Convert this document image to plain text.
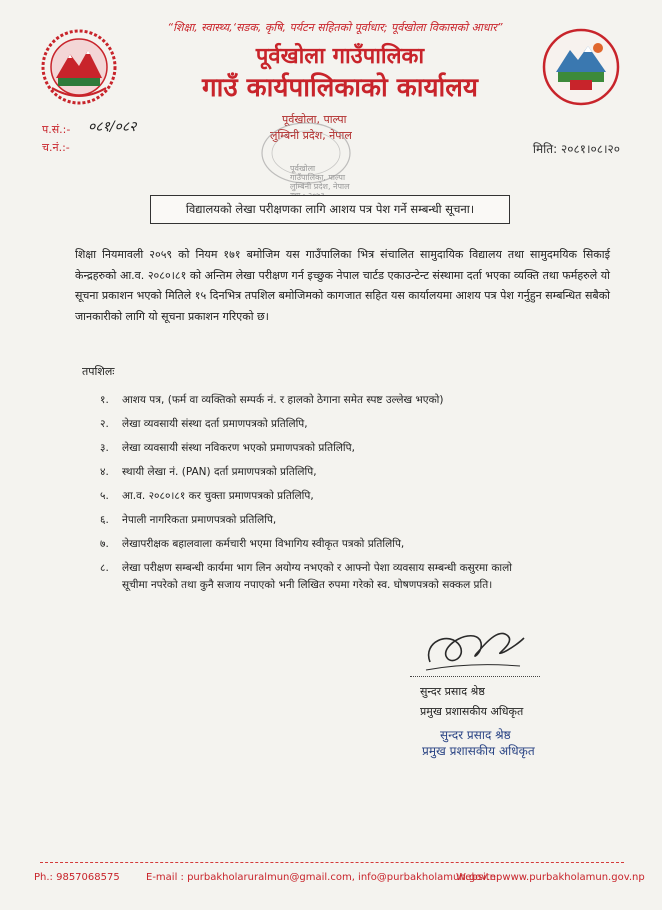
“शिक्षा, स्वास्थ्य,‘सडक, कृषि, पर्यटन सहितको पूर्वाधार; पूर्वखोला विकासको आधार”
पूर्वखोला गाउँपालिका
गाउँ कार्यपालिकाको कार्यालय
पूर्वखोला, पाल्पा
लुम्बिनी प्रदेश, नेपाल
पूर्वखोला गाउँपालिका, पाल्पा लुम्बिनी प्रदेश, नेपाल
प.सं.:- ०८१/०८२
च.नं.:-	मिति: २०८१।०८।२०
विद्यालयको लेखा परीक्षणका लागि आशय पत्र पेश गर्ने सम्बन्धी सूचना।
शिक्षा नियमावली २०५९ को नियम १७१ बमोजिम यस गाउँपालिका भित्र संचालित सामुदायिक विद्यालय तथा सामुदमयिक सिकाई केन्द्रहरुको आ.व. २०८०।८१ को अन्तिम लेखा परीक्षण गर्न इच्छुक नेपाल चार्टड एकाउन्टेन्ट संस्थामा दर्ता भएका व्यक्ति तथा फर्महरुले यो सूचना प्रकाशन भएको मितिले १५ दिनभित्र तपशिल बमोजिमको कागजात सहित यस कार्यालयमा आशय पत्र पेश गर्नुहुन सम्बन्धित सबैको जानकारीको लागि यो सूचना प्रकाशन गरिएको छ।
तपशिलः
१.	आशय पत्र, (फर्म वा व्यक्तिको सम्पर्क नं. र हालको ठेगाना समेत स्पष्ट उल्लेख भएको)
२.	लेखा व्यवसायी संस्था दर्ता प्रमाणपत्रको प्रतिलिपि,
३.	लेखा व्यवसायी संस्था नविकरण भएको प्रमाणपत्रको प्रतिलिपि,
४.	स्थायी लेखा नं. (PAN) दर्ता प्रमाणपत्रको प्रतिलिपि,
५.	आ.व. २०८०।८१ कर चुक्ता प्रमाणपत्रको प्रतिलिपि,
६.	नेपाली नागरिकता प्रमाणपत्रको प्रतिलिपि,
७.	लेखापरीक्षक बहालवाला कर्मचारी भएमा विभागिय स्वीकृत पत्रको प्रतिलिपि,
८.	लेखा परीक्षण सम्बन्धी कार्यमा भाग लिन अयोग्य नभएको र आफ्नो पेशा व्यवसाय सम्बन्धी कसुरमा कालो सूचीमा नपरेको तथा कुनै सजाय नपाएको भनी लिखित रुपमा गरेको स्व. घोषणपत्रको सक्कल प्रति।
सुन्दर प्रसाद श्रेष्ठ
प्रमुख प्रशासकीय अधिकृत
सुन्दर प्रसाद श्रेष्ठ
प्रमुख प्रशासकीय अधिकृत
Ph.: 9857068575	E-mail : purbakholaruralmun@gmail.com, info@purbakholamun.gov.np
Website: www.purbakholamun.gov.np
